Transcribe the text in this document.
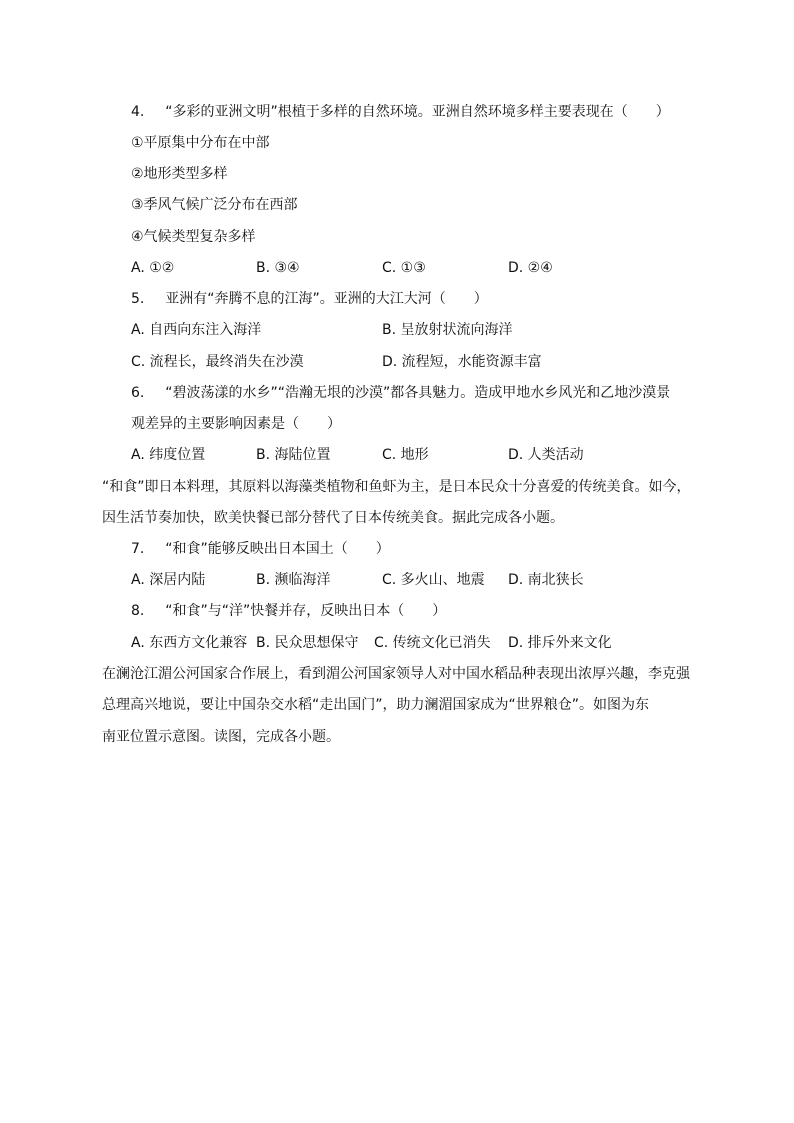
4. “多彩的亚洲文明”根植于多样的自然环境。亚洲自然环境多样主要表现在（　　）
①平原集中分布在中部
②地形类型多样
③季风气候广泛分布在西部
④气候类型复杂多样
A. ①②	B. ③④	C. ①③	D. ②④
5. 亚洲有“奔腾不息的江海”。亚洲的大江大河（　　）
A. 自西向东注入海洋	B. 呈放射状流向海洋
C. 流程长，最终消失在沙漠	D. 流程短，水能资源丰富
6. “碧波荡漾的水乡”“浩瀚无垠的沙漠”都各具魅力。造成甲地水乡风光和乙地沙漠景
观差异的主要影响因素是（　　）
A. 纬度位置	B. 海陆位置	C. 地形	D. 人类活动
“和食”即日本料理，其原料以海藻类植物和鱼虾为主，是日本民众十分喜爱的传统美食。如今，
因生活节奏加快，欧美快餐已部分替代了日本传统美食。据此完成各小题。
7. “和食”能够反映出日本国土（　　）
A. 深居内陆	B. 濒临海洋	C. 多火山、地震 D. 南北狭长
8. “和食”与“洋”快餐并存，反映出日本（　　）
A. 东西方文化兼容 B. 民众思想保守 C. 传统文化已消失 D. 排斥外来文化
在澜沧江湄公河国家合作展上，看到湄公河国家领导人对中国水稻品种表现出浓厚兴趣，李克强
总理高兴地说，要让中国杂交水稻“走出国门”，助力澜湄国家成为“世界粮仓”。如图为东
南亚位置示意图。读图，完成各小题。
